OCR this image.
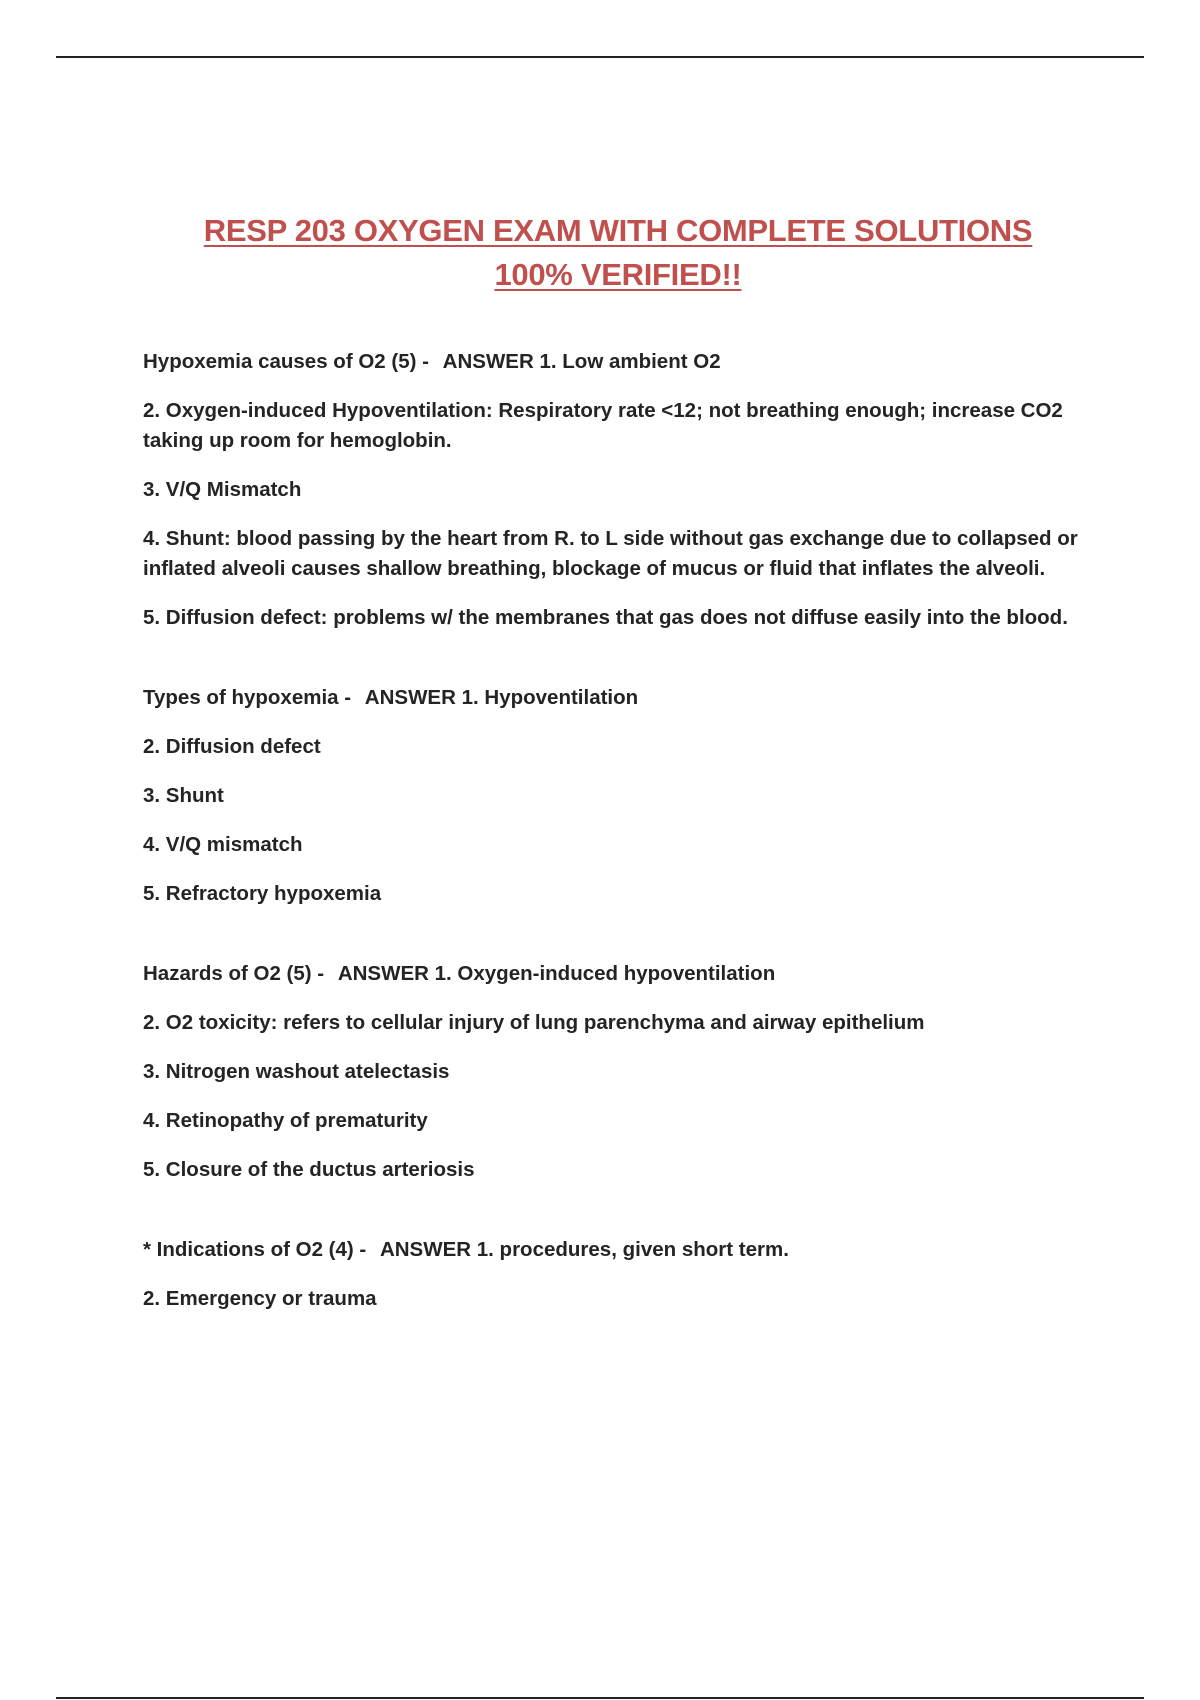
RESP 203 OXYGEN EXAM WITH COMPLETE SOLUTIONS
100% VERIFIED!!

Hypoxemia causes of O2 (5) - ANSWER 1. Low ambient O2

2. Oxygen-induced Hypoventilation: Respiratory rate <12; not breathing enough; increase CO2 taking up room for hemoglobin.

3. V/Q Mismatch

4. Shunt: blood passing by the heart from R. to L side without gas exchange due to collapsed or inflated alveoli causes shallow breathing, blockage of mucus or fluid that inflates the alveoli.

5. Diffusion defect: problems w/ the membranes that gas does not diffuse easily into the blood.

Types of hypoxemia - ANSWER 1. Hypoventilation

2. Diffusion defect

3. Shunt

4. V/Q mismatch

5. Refractory hypoxemia

Hazards of O2 (5) - ANSWER 1. Oxygen-induced hypoventilation

2. O2 toxicity: refers to cellular injury of lung parenchyma and airway epithelium

3. Nitrogen washout atelectasis

4. Retinopathy of prematurity

5. Closure of the ductus arteriosis

* Indications of O2 (4) - ANSWER 1. procedures, given short term.

2. Emergency or trauma
